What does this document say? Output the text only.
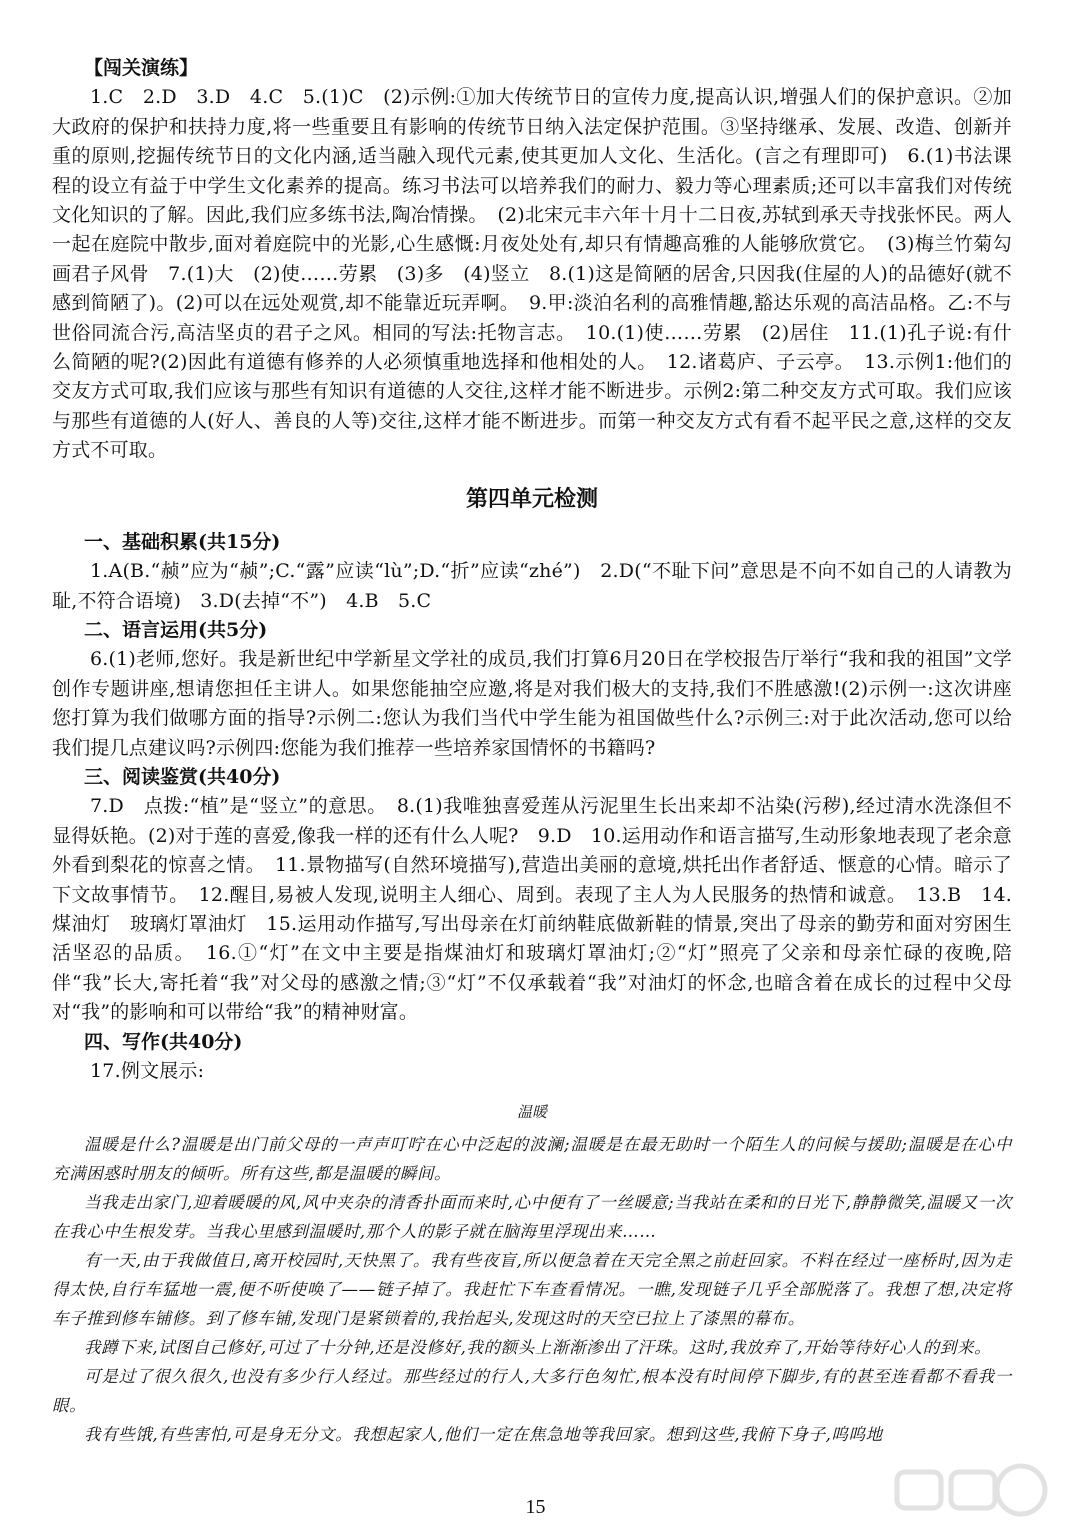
【闯关演练】

1.C　2.D　3.D　4.C　5.(1)C　(2)示例:①加大传统节日的宣传力度,提高认识,增强人们的保护意识。②加大政府的保护和扶持力度,将一些重要且有影响的传统节日纳入法定保护范围。③坚持继承、发展、改造、创新并重的原则,挖掘传统节日的文化内涵,适当融入现代元素,使其更加人文化、生活化。(言之有理即可)　6.(1)书法课程的设立有益于中学生文化素养的提高。练习书法可以培养我们的耐力、毅力等心理素质;还可以丰富我们对传统文化知识的了解。因此,我们应多练书法,陶冶情操。　(2)北宋元丰六年十月十二日夜,苏轼到承天寺找张怀民。两人一起在庭院中散步,面对着庭院中的光影,心生感慨:月夜处处有,却只有情趣高雅的人能够欣赏它。　(3)梅兰竹菊勾画君子风骨　7.(1)大　(2)使……劳累　(3)多　(4)竖立　8.(1)这是简陋的居舍,只因我(住屋的人)的品德好(就不感到简陋了)。(2)可以在远处观赏,却不能靠近玩弄啊。　9.甲:淡泊名利的高雅情趣,豁达乐观的高洁品格。乙:不与世俗同流合污,高洁坚贞的君子之风。相同的写法:托物言志。　10.(1)使……劳累　(2)居住　11.(1)孔子说:有什么简陋的呢?(2)因此有道德有修养的人必须慎重地选择和他相处的人。　12.诸葛庐、子云亭。　13.示例1:他们的交友方式可取,我们应该与那些有知识有道德的人交往,这样才能不断进步。示例2:第二种交友方式可取。我们应该与那些有道德的人(好人、善良的人等)交往,这样才能不断进步。而第一种交友方式有看不起平民之意,这样的交友方式不可取。

第四单元检测

一、基础积累(共15分)

1.A(B.“赪”应为“赪”;C.“露”应读“lù”;D.“折”应读“zhé”)　2.D(“不耻下问”意思是不向不如自己的人请教为耻,不符合语境)　3.D(去掉“不”)　4.B　5.C

二、语言运用(共5分)

6.(1)老师,您好。我是新世纪中学新星文学社的成员,我们打算6月20日在学校报告厅举行“我和我的祖国”文学创作专题讲座,想请您担任主讲人。如果您能抽空应邀,将是对我们极大的支持,我们不胜感激!(2)示例一:这次讲座您打算为我们做哪方面的指导?示例二:您认为我们当代中学生能为祖国做些什么?示例三:对于此次活动,您可以给我们提几点建议吗?示例四:您能为我们推荐一些培养家国情怀的书籍吗?

三、阅读鉴赏(共40分)

7.D　点拨:“植”是“竖立”的意思。　8.(1)我唯独喜爱莲从污泥里生长出来却不沾染(污秽),经过清水洗涤但不显得妖艳。(2)对于莲的喜爱,像我一样的还有什么人呢?　9.D　10.运用动作和语言描写,生动形象地表现了老余意外看到梨花的惊喜之情。　11.景物描写(自然环境描写),营造出美丽的意境,烘托出作者舒适、惬意的心情。暗示了下文故事情节。　12.醒目,易被人发现,说明主人细心、周到。表现了主人为人民服务的热情和诚意。　13.B　14.煤油灯　玻璃灯罩油灯　15.运用动作描写,写出母亲在灯前纳鞋底做新鞋的情景,突出了母亲的勤劳和面对穷困生活坚忍的品质。　16.①“灯”在文中主要是指煤油灯和玻璃灯罩油灯;②“灯”照亮了父亲和母亲忙碌的夜晚,陪伴“我”长大,寄托着“我”对父母的感激之情;③“灯”不仅承载着“我”对油灯的怀念,也暗含着在成长的过程中父母对“我”的影响和可以带给“我”的精神财富。

四、写作(共40分)

17.例文展示:

温暖

温暖是什么?温暖是出门前父母的一声声叮咛在心中泛起的波澜;温暖是在最无助时一个陌生人的问候与援助;温暖是在心中充满困惑时朋友的倾听。所有这些,都是温暖的瞬间。

当我走出家门,迎着暖暖的风,风中夹杂的清香扑面而来时,心中便有了一丝暖意;当我站在柔和的日光下,静静微笑,温暖又一次在我心中生根发芽。当我心里感到温暖时,那个人的影子就在脑海里浮现出来……

有一天,由于我做值日,离开校园时,天快黑了。我有些夜盲,所以便急着在天完全黑之前赶回家。不料在经过一座桥时,因为走得太快,自行车猛地一震,便不听使唤了——链子掉了。我赶忙下车查看情况。一瞧,发现链子几乎全部脱落了。我想了想,决定将车子推到修车铺修。到了修车铺,发现门是紧锁着的,我抬起头,发现这时的天空已拉上了漆黑的幕布。

我蹲下来,试图自己修好,可过了十分钟,还是没修好,我的额头上渐渐渗出了汗珠。这时,我放弃了,开始等待好心人的到来。

可是过了很久很久,也没有多少行人经过。那些经过的行人,大多行色匆忙,根本没有时间停下脚步,有的甚至连看都不看我一眼。

我有些饿,有些害怕,可是身无分文。我想起家人,他们一定在焦急地等我回家。想到这些,我俯下身子,呜呜地

15
